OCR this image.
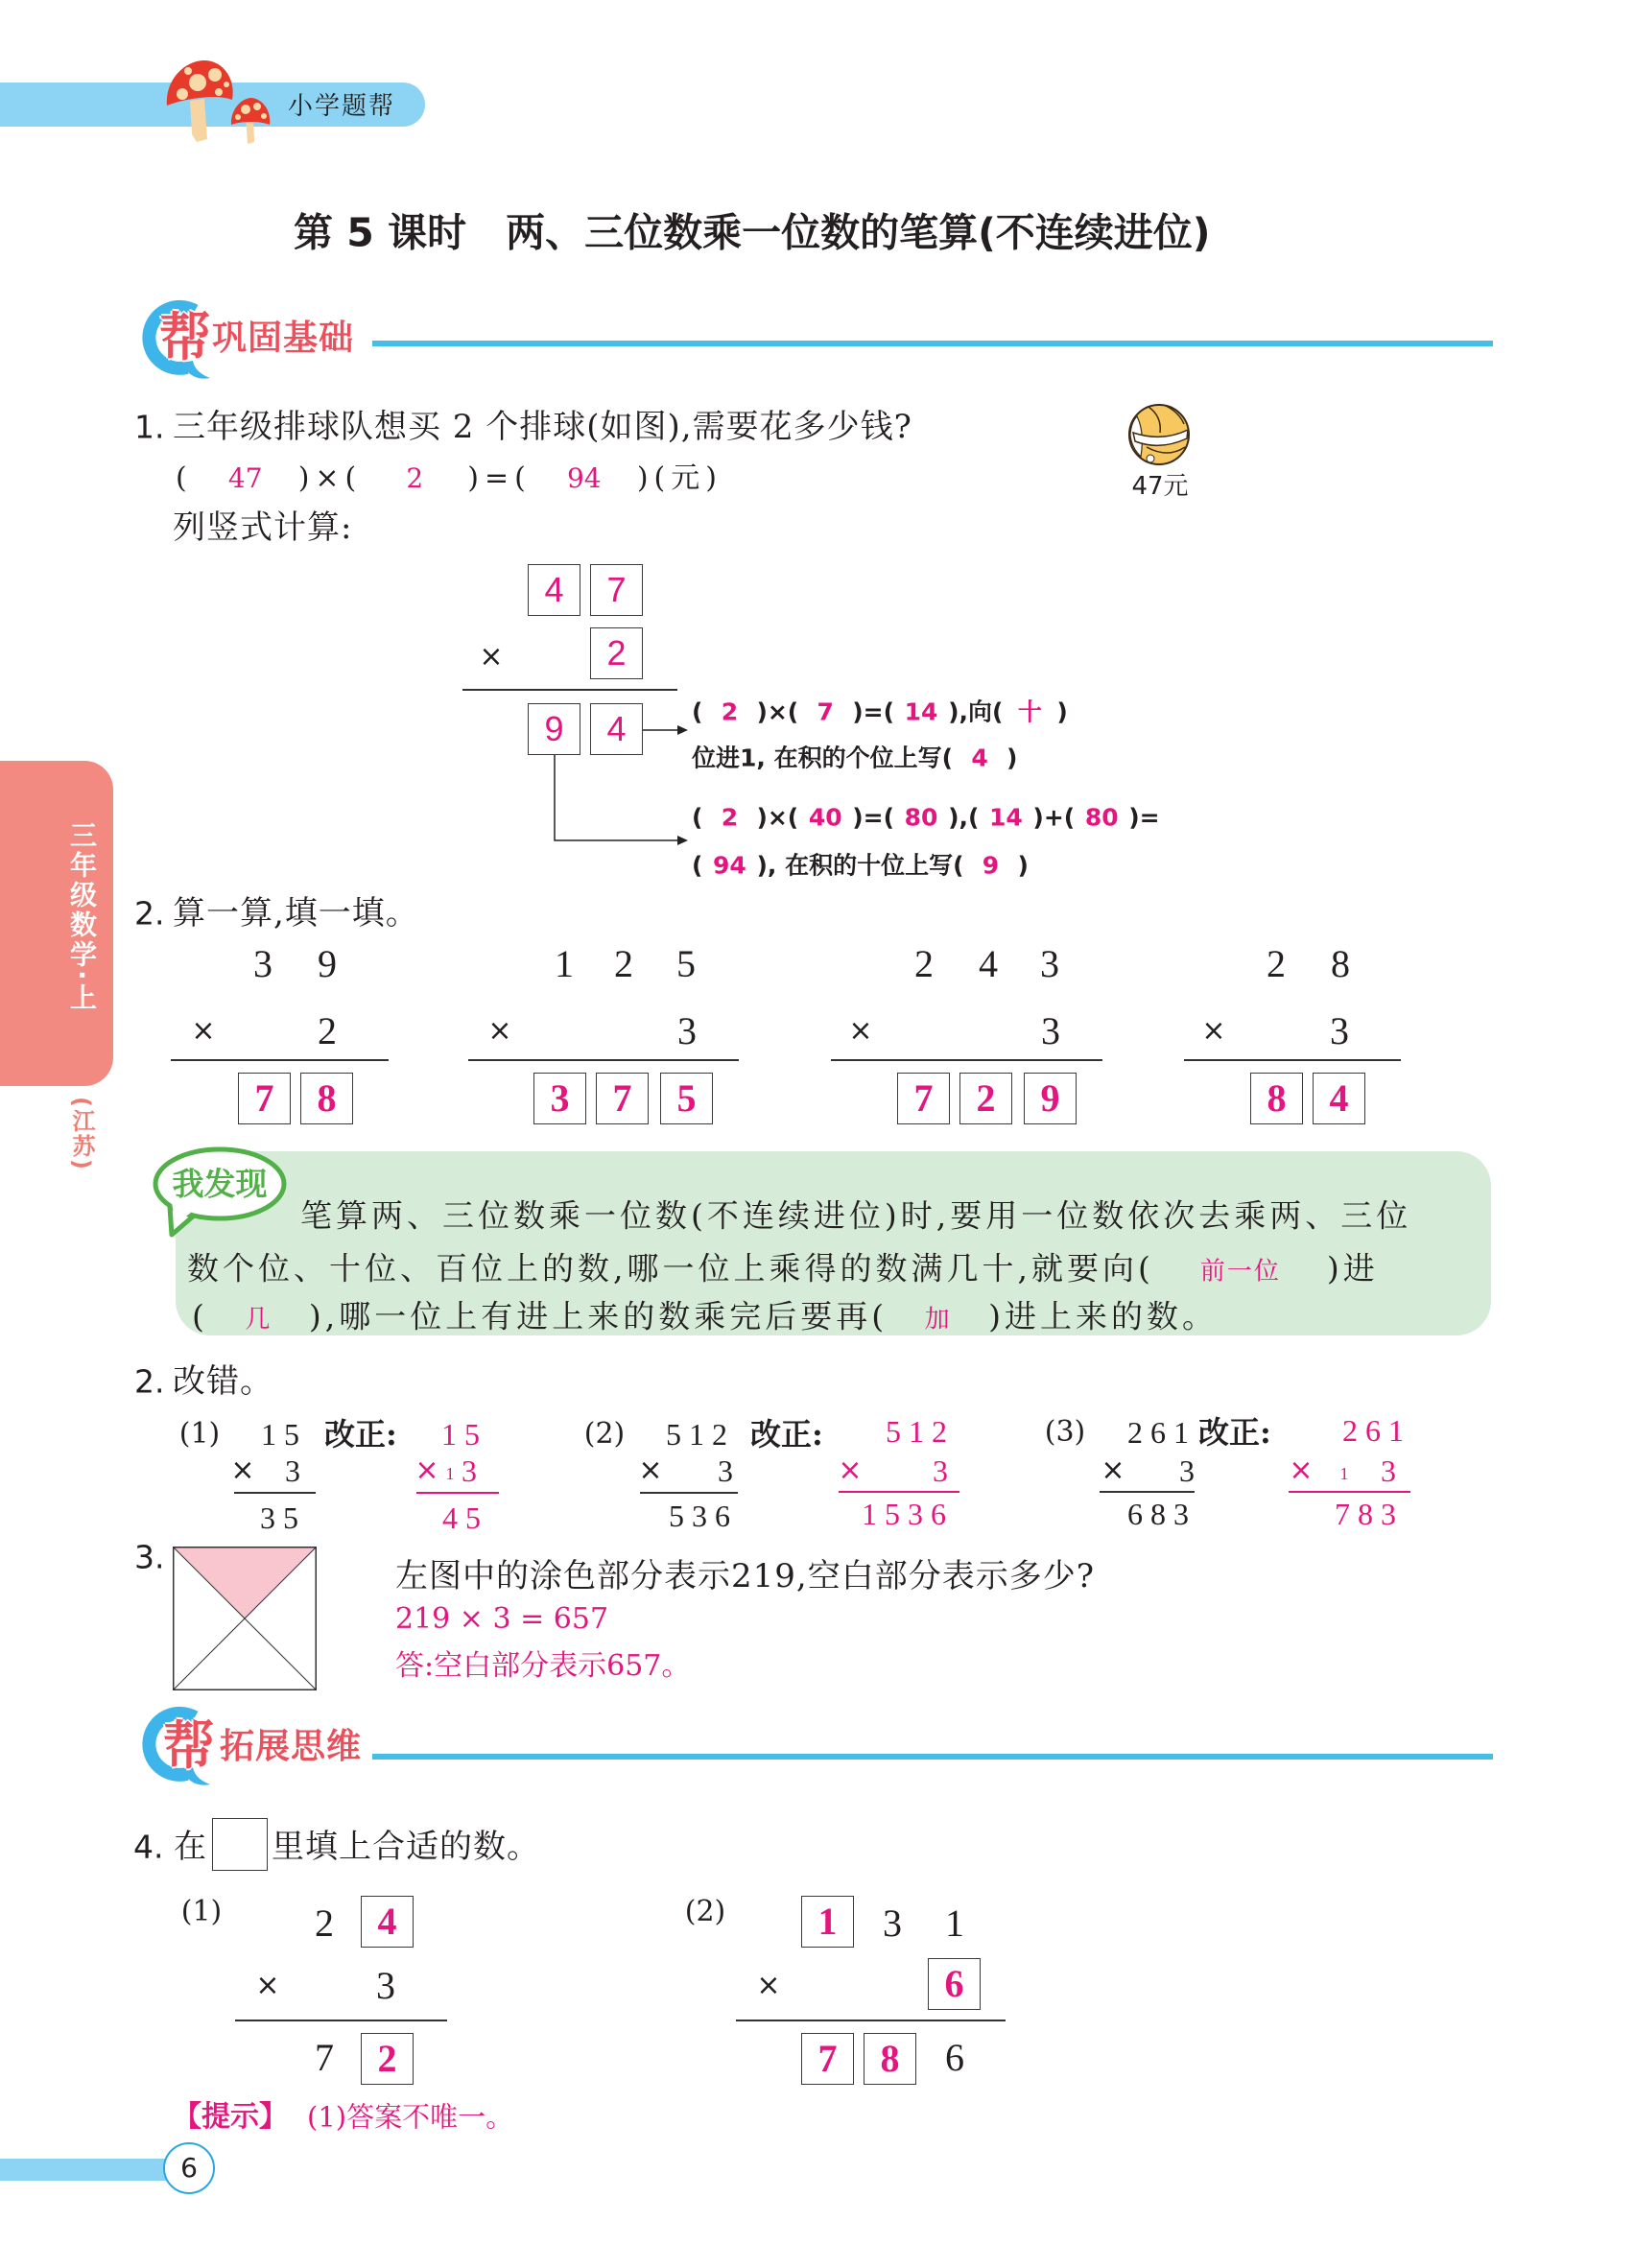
小学题帮
第 5 课时　两、三位数乘一位数的笔算(不连续进位)
三年级数学·上
(江苏)
帮 巩固基础
1. 三年级排球队想买 2 个排球(如图),需要花多少钱?
( 47 )×( 2 )=( 94 )(元)	47元
列竖式计算:
4	7
×	2
9	4	( 2 )×( 7 )=( 14 ),向( 十 )
位进1, 在积的个位上写( 4 )
( 2 )×( 40 )=( 80 ),( 14 )+( 80 )=
( 94 ), 在积的十位上写( 9 )
2. 算一算,填一填。
3 9
×	2
7	8
1 2 5
×	3
3	7	5
2 4 3
×	3
7	2	9
2 8
×	3
8	4
我发现
笔算两、三位数乘一位数(不连续进位)时,要用一位数依次去乘两、三位
数个位、十位、百位上的数,哪一位上乘得的数满几十,就要向( 前一位 )进
( 几 ),哪一位上有进上来的数乘完后要再( 加 )进上来的数。
2. 改错。
(1) 15 改正: 15
× 3	× 1 3
35	45
(2) 512 改正: 512
× 3	× 3
536	1536
(3) 261 改正: 261
× 3	× 1 3
683	783
3.	左图中的涂色部分表示219,空白部分表示多少?
219 × 3 = 657
答:空白部分表示657。
帮 拓展思维
4. 在 里填上合适的数。
(1) 2	4
×	3
7	2
(2)	1	3 1
×	6
7	8	6
【提示】 (1)答案不唯一。
6
